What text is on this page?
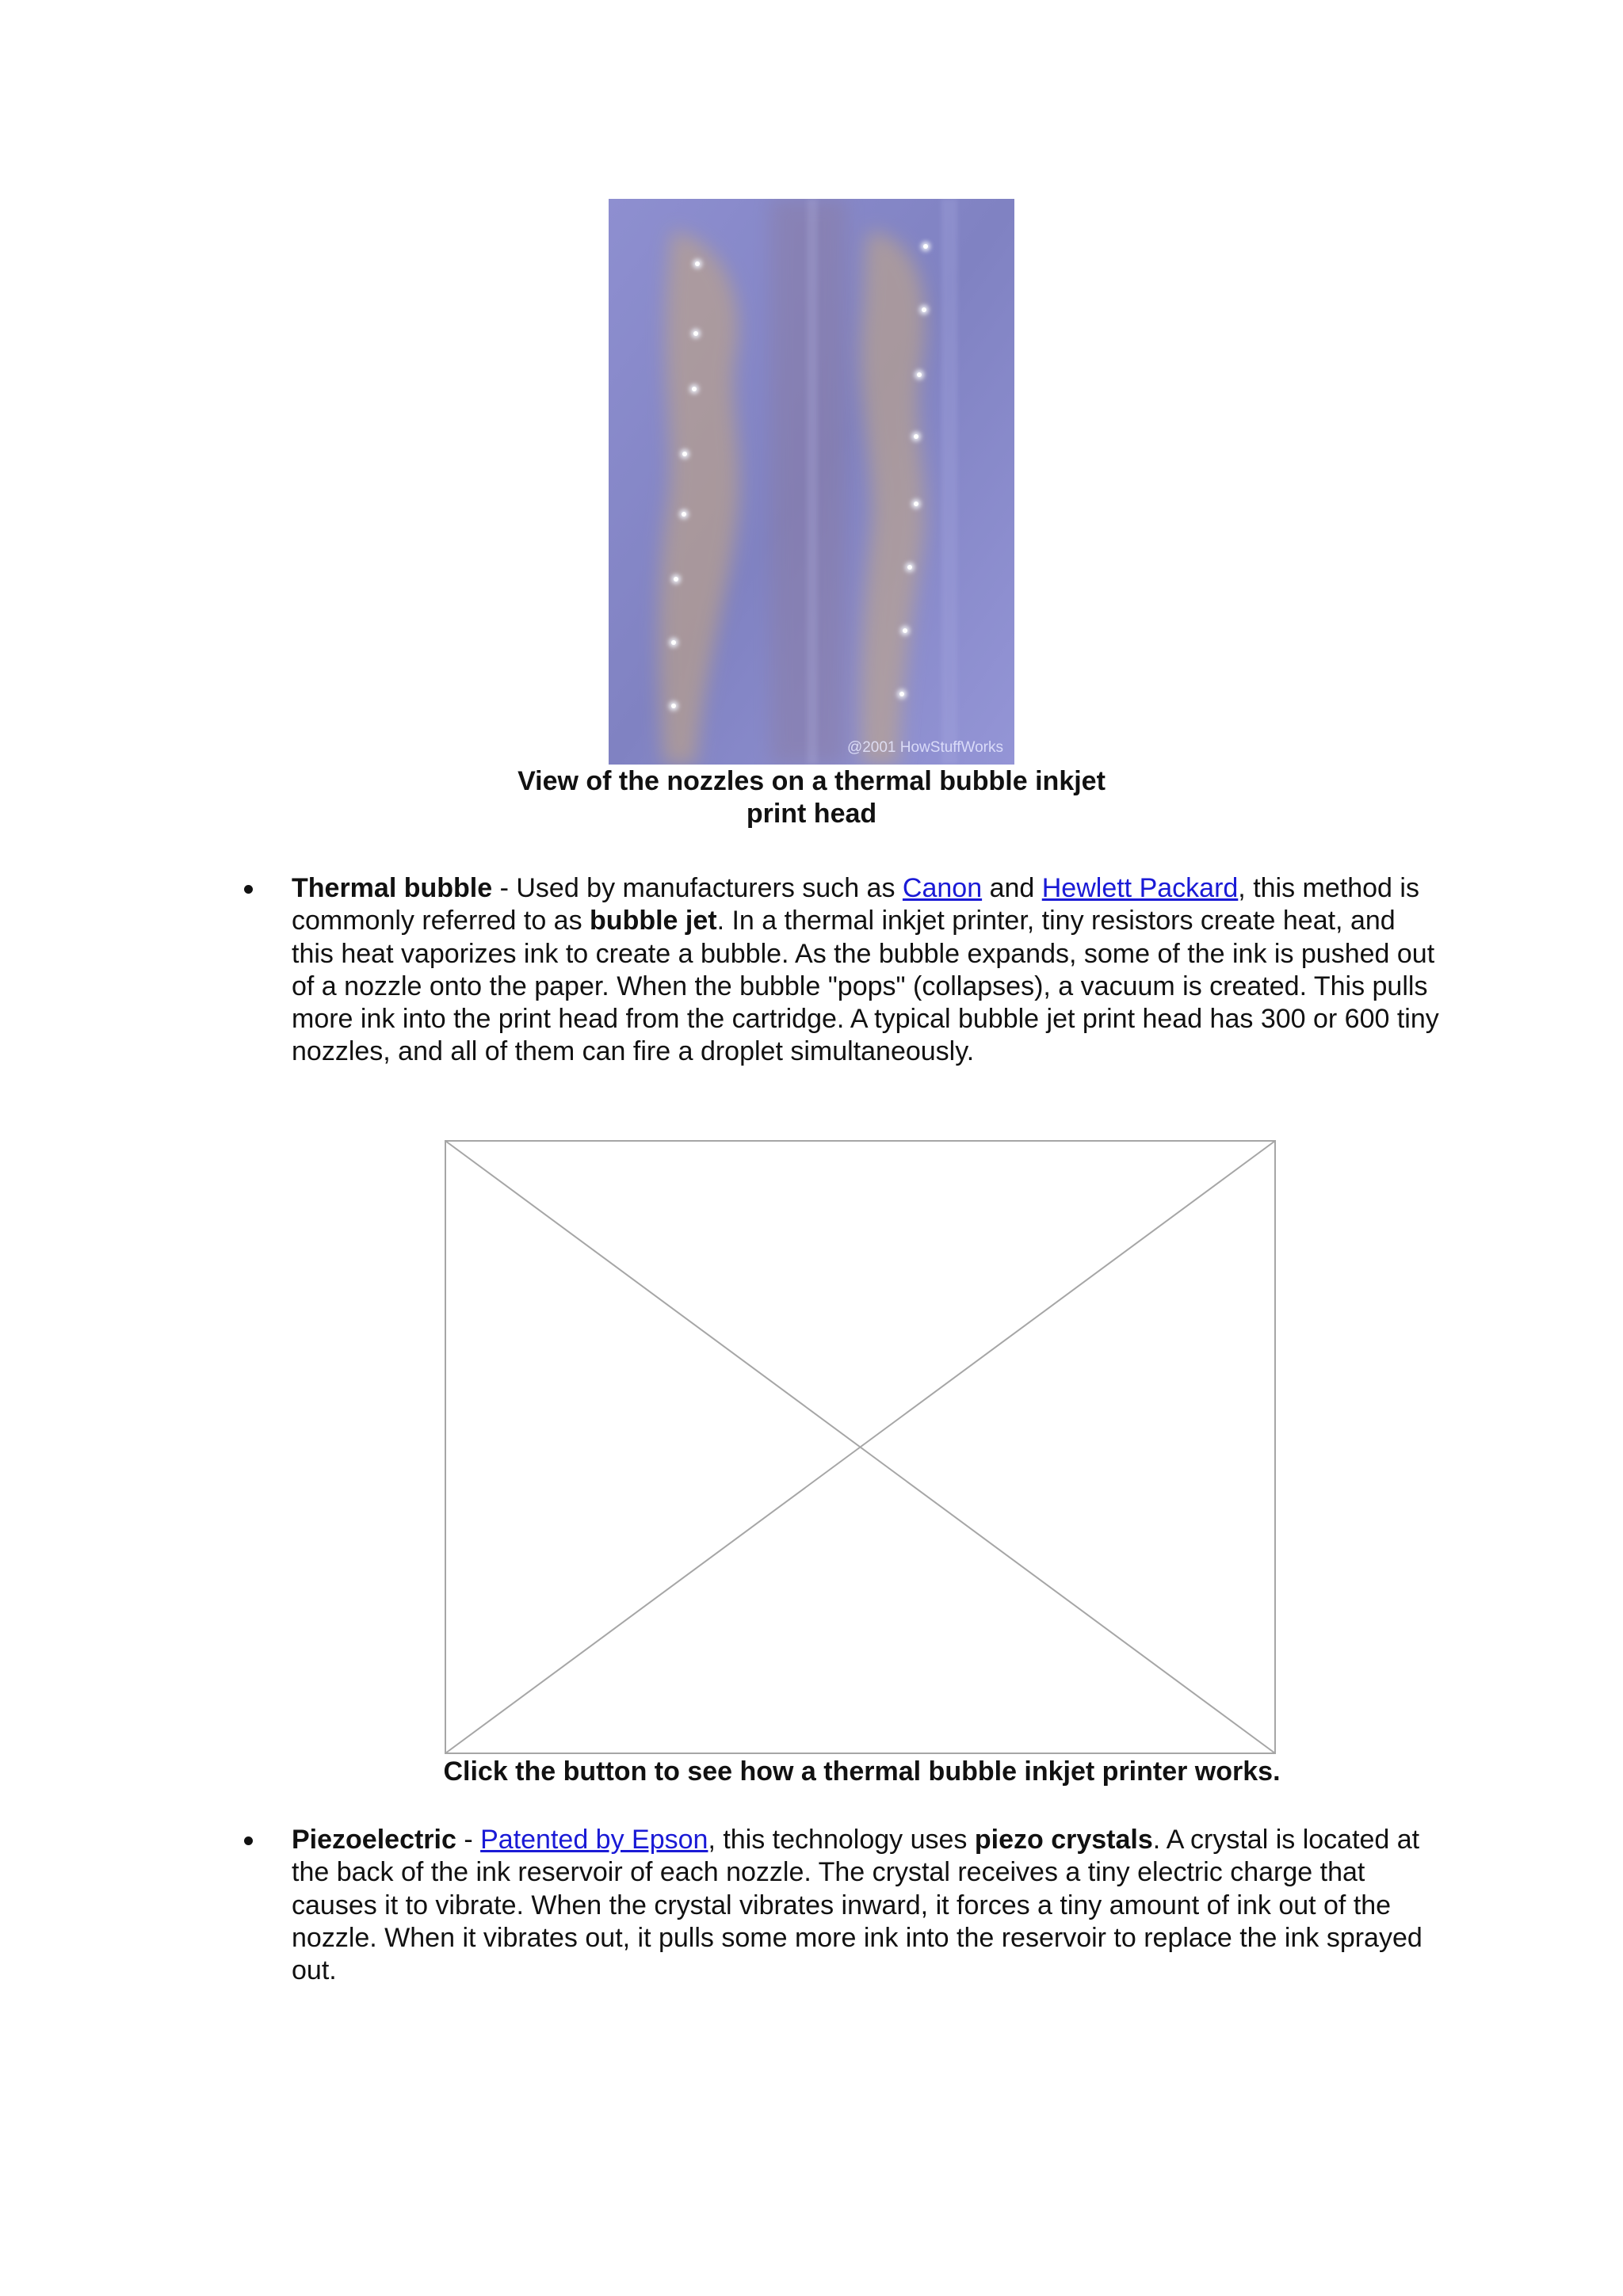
@2001 HowStuffWorks
View of the nozzles on a thermal bubble inkjet
print head
Thermal bubble - Used by manufacturers such as Canon and Hewlett Packard, this method is commonly referred to as bubble jet. In a thermal inkjet printer, tiny resistors create heat, and this heat vaporizes ink to create a bubble. As the bubble expands, some of the ink is pushed out of a nozzle onto the paper. When the bubble "pops" (collapses), a vacuum is created. This pulls more ink into the print head from the cartridge. A typical bubble jet print head has 300 or 600 tiny nozzles, and all of them can fire a droplet simultaneously.
Click the button to see how a thermal bubble inkjet printer works.
Piezoelectric - Patented by Epson, this technology uses piezo crystals. A crystal is located at the back of the ink reservoir of each nozzle. The crystal receives a tiny electric charge that causes it to vibrate. When the crystal vibrates inward, it forces a tiny amount of ink out of the nozzle. When it vibrates out, it pulls some more ink into the reservoir to replace the ink sprayed out.
